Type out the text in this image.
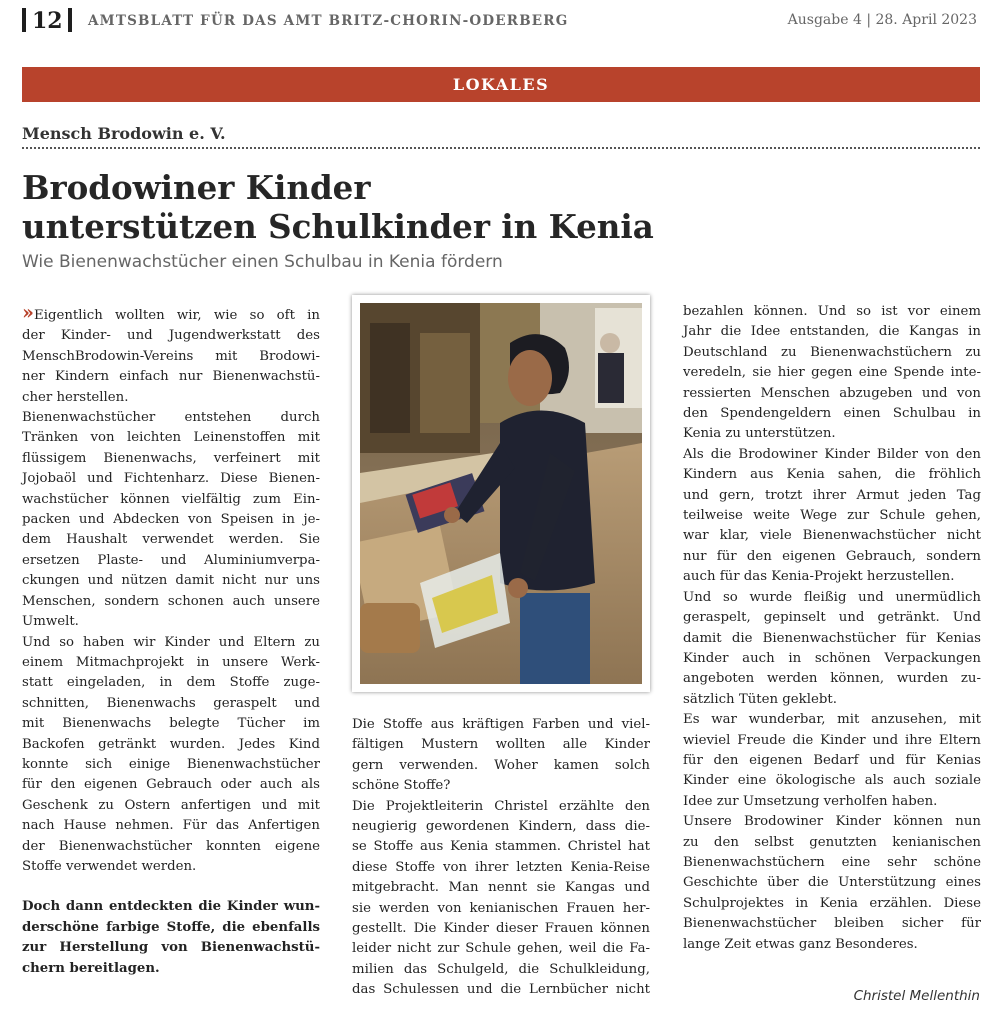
12 AMTSBLATT FÜR DAS AMT BRITZ-CHORIN-ODERBERG	Ausgabe 4 | 28. April 2023
LOKALES
Mensch Brodowin e. V.
Brodowiner Kinder
unterstützen Schulkinder in Kenia
Wie Bienenwachstücher einen Schulbau in Kenia fördern

›› Eigentlich wollten wir, wie so oft in
der Kinder- und Jugendwerkstatt des
MenschBrodowin-Vereins mit Brodowi-
ner Kindern einfach nur Bienenwachstü-
cher herstellen.

Bienenwachstücher entstehen durch
Tränken von leichten Leinenstoffen mit
flüssigem Bienenwachs, verfeinert mit
Jojobaöl und Fichtenharz. Diese Bienen-
wachstücher können vielfältig zum Ein-
packen und Abdecken von Speisen in je-
dem Haushalt verwendet werden. Sie
ersetzen Plaste- und Aluminiumverpa-
ckungen und nützen damit nicht nur uns
Menschen, sondern schonen auch unsere
Umwelt.

Und so haben wir Kinder und Eltern zu
einem Mitmachprojekt in unsere Werk-
statt eingeladen, in dem Stoffe zuge-
schnitten, Bienenwachs geraspelt und
mit Bienenwachs belegte Tücher im
Backofen getränkt wurden. Jedes Kind
konnte sich einige Bienenwachstücher
für den eigenen Gebrauch oder auch als
Geschenk zu Ostern anfertigen und mit
nach Hause nehmen. Für das Anfertigen
der Bienenwachstücher konnten eigene
Stoffe verwendet werden.

Doch dann entdeckten die Kinder wun-
derschöne farbige Stoffe, die ebenfalls
zur Herstellung von Bienenwachstü-
chern bereitlagen.

Die Stoffe aus kräftigen Farben und viel-
fältigen Mustern wollten alle Kinder
gern verwenden. Woher kamen solch
schöne Stoffe?

Die Projektleiterin Christel erzählte den
neugierig gewordenen Kindern, dass die-
se Stoffe aus Kenia stammen. Christel hat
diese Stoffe von ihrer letzten Kenia-Reise
mitgebracht. Man nennt sie Kangas und
sie werden von kenianischen Frauen her-
gestellt. Die Kinder dieser Frauen können
leider nicht zur Schule gehen, weil die Fa-
milien das Schulgeld, die Schulkleidung,
das Schulessen und die Lernbücher nicht

bezahlen können. Und so ist vor einem
Jahr die Idee entstanden, die Kangas in
Deutschland zu Bienenwachstüchern zu
veredeln, sie hier gegen eine Spende inte-
ressierten Menschen abzugeben und von
den Spendengeldern einen Schulbau in
Kenia zu unterstützen.

Als die Brodowiner Kinder Bilder von den
Kindern aus Kenia sahen, die fröhlich
und gern, trotzt ihrer Armut jeden Tag
teilweise weite Wege zur Schule gehen,
war klar, viele Bienenwachstücher nicht
nur für den eigenen Gebrauch, sondern
auch für das Kenia-Projekt herzustellen.

Und so wurde fleißig und unermüdlich
geraspelt, gepinselt und getränkt. Und
damit die Bienenwachstücher für Kenias
Kinder auch in schönen Verpackungen
angeboten werden können, wurden zu-
sätzlich Tüten geklebt.

Es war wunderbar, mit anzusehen, mit
wieviel Freude die Kinder und ihre Eltern
für den eigenen Bedarf und für Kenias
Kinder eine ökologische als auch soziale
Idee zur Umsetzung verholfen haben.

Unsere Brodowiner Kinder können nun
zu den selbst genutzten kenianischen
Bienenwachstüchern eine sehr schöne
Geschichte über die Unterstützung eines
Schulprojektes in Kenia erzählen. Diese
Bienenwachstücher bleiben sicher für
lange Zeit etwas ganz Besonderes.

Christel Mellenthin
